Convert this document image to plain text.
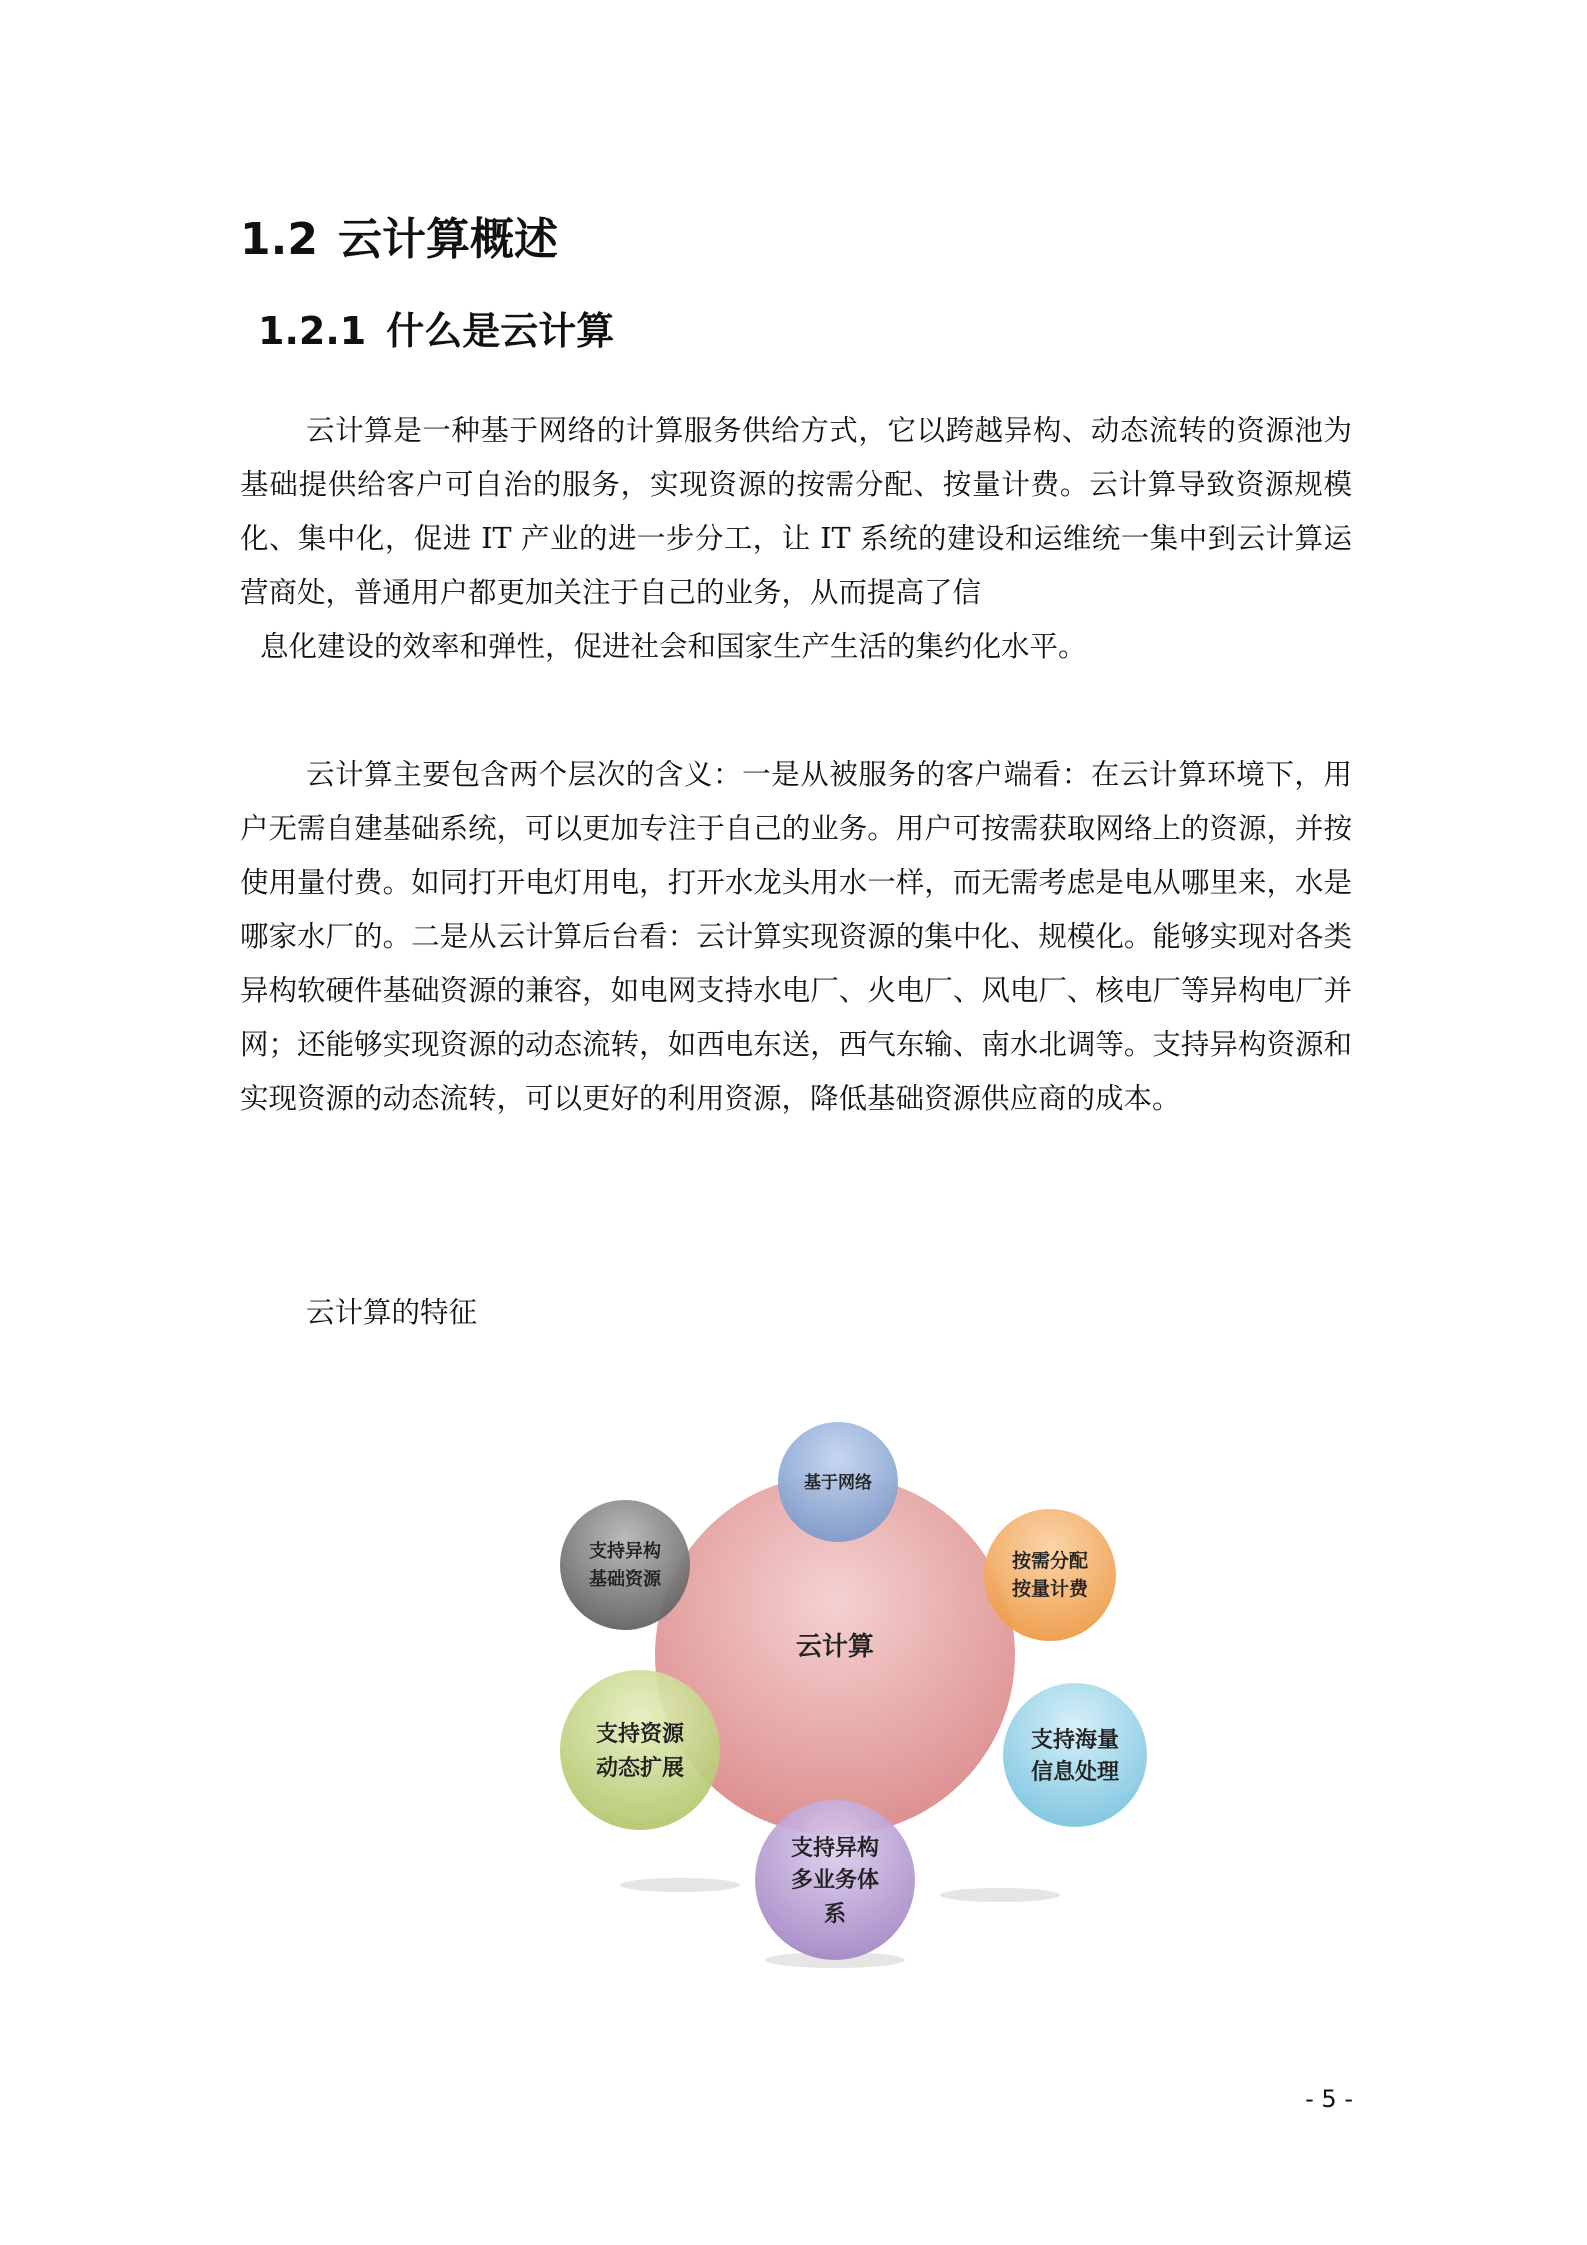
1.2 云计算概述
1.2.1 什么是云计算

云计算是一种基于网络的计算服务供给方式，它以跨越异构、动态流转的资源池为基础提供给客户可自治的服务，实现资源的按需分配、按量计费。云计算导致资源规模化、集中化，促进 IT 产业的进一步分工，让 IT 系统的建设和运维统一集中到云计算运营商处，普通用户都更加关注于自己的业务，从而提高了信
息化建设的效率和弹性，促进社会和国家生产生活的集约化水平。

云计算主要包含两个层次的含义：一是从被服务的客户端看：在云计算环境下，用户无需自建基础系统，可以更加专注于自己的业务。用户可按需获取网络上的资源，并按使用量付费。如同打开电灯用电，打开水龙头用水一样，而无需考虑是电从哪里来，水是哪家水厂的。二是从云计算后台看：云计算实现资源的集中化、规模化。能够实现对各类异构软硬件基础资源的兼容，如电网支持水电厂、火电厂、风电厂、核电厂等异构电厂并网；还能够实现资源的动态流转，如西电东送，西气东输、南水北调等。支持异构资源和实现资源的动态流转，可以更好的利用资源，降低基础资源供应商的成本。

云计算的特征

云计算
基于网络
按需分配
按量计费
支持海量
信息处理
支持异构
多业务体
系
支持资源
动态扩展
支持异构
基础资源
- 5 -
